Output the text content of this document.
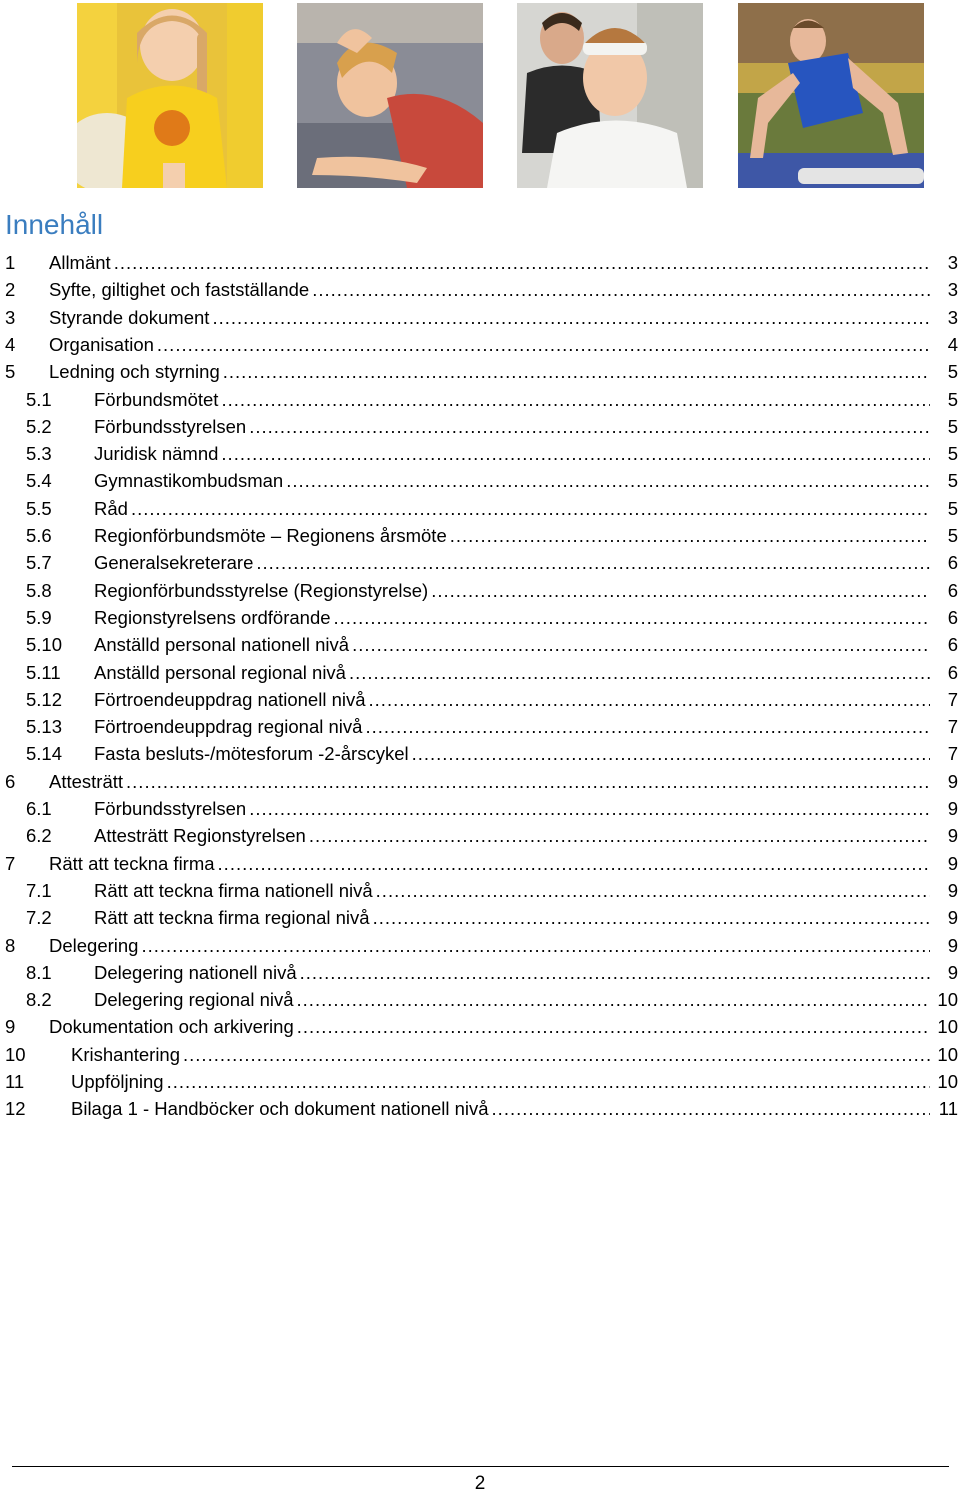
Innehåll
1 Allmänt .....	3
2 Syfte, giltighet och fastställande .....	3
3 Styrande dokument .....	3
4 Organisation .....	4
5 Ledning och styrning .....	5
5.1 Förbundsmötet .....	5
5.2 Förbundsstyrelsen .....	5
5.3 Juridisk nämnd .....	5
5.4 Gymnastikombudsman .....	5
5.5 Råd .....	5
5.6 Regionförbundsmöte – Regionens årsmöte .....	5
5.7 Generalsekreterare .....	6
5.8 Regionförbundsstyrelse (Regionstyrelse) .....	6
5.9 Regionstyrelsens ordförande .....	6
5.10 Anställd personal nationell nivå .....	6
5.11 Anställd personal regional nivå .....	6
5.12 Förtroendeuppdrag nationell nivå .....	7
5.13 Förtroendeuppdrag regional nivå .....	7
5.14 Fasta besluts-/mötesforum -2-årscykel .....	7
6 Attesträtt .....	9
6.1 Förbundsstyrelsen .....	9
6.2 Attesträtt Regionstyrelsen .....	9
7 Rätt att teckna firma .....	9
7.1 Rätt att teckna firma nationell nivå .....	9
7.2 Rätt att teckna firma regional nivå .....	9
8 Delegering .....	9
8.1 Delegering nationell nivå .....	9
8.2 Delegering regional nivå .....	10
9 Dokumentation och arkivering .....	10
10 Krishantering .....	10
11	Uppföljning .....	10
12 Bilaga 1 - Handböcker och dokument nationell nivå .....	11
2
